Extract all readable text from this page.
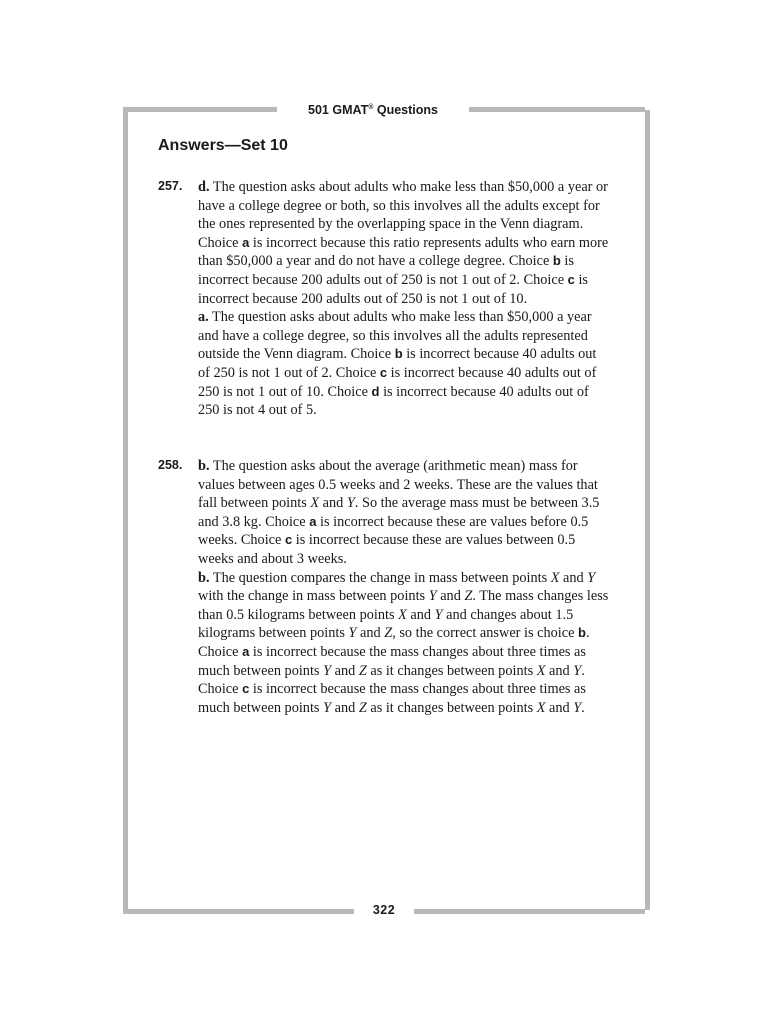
501 GMAT® Questions
Answers—Set 10
257. d. The question asks about adults who make less than $50,000 a year or have a college degree or both, so this involves all the adults except for the ones represented by the overlapping space in the Venn diagram. Choice a is incorrect because this ratio represents adults who earn more than $50,000 a year and do not have a college degree. Choice b is incorrect because 200 adults out of 250 is not 1 out of 2. Choice c is incorrect because 200 adults out of 250 is not 1 out of 10.

a. The question asks about adults who make less than $50,000 a year and have a college degree, so this involves all the adults represented outside the Venn diagram. Choice b is incorrect because 40 adults out of 250 is not 1 out of 2. Choice c is incorrect because 40 adults out of 250 is not 1 out of 10. Choice d is incorrect because 40 adults out of 250 is not 4 out of 5.

258. b. The question asks about the average (arithmetic mean) mass for values between ages 0.5 weeks and 2 weeks. These are the values that fall between points X and Y. So the average mass must be between 3.5 and 3.8 kg. Choice a is incorrect because these are values before 0.5 weeks. Choice c is incorrect because these are values between 0.5 weeks and about 3 weeks.

b. The question compares the change in mass between points X and Y with the change in mass between points Y and Z. The mass changes less than 0.5 kilograms between points X and Y and changes about 1.5 kilograms between points Y and Z, so the correct answer is choice b. Choice a is incorrect because the mass changes about three times as much between points Y and Z as it changes between points X and Y. Choice c is incorrect because the mass changes about three times as much between points Y and Z as it changes between points X and Y.

322
